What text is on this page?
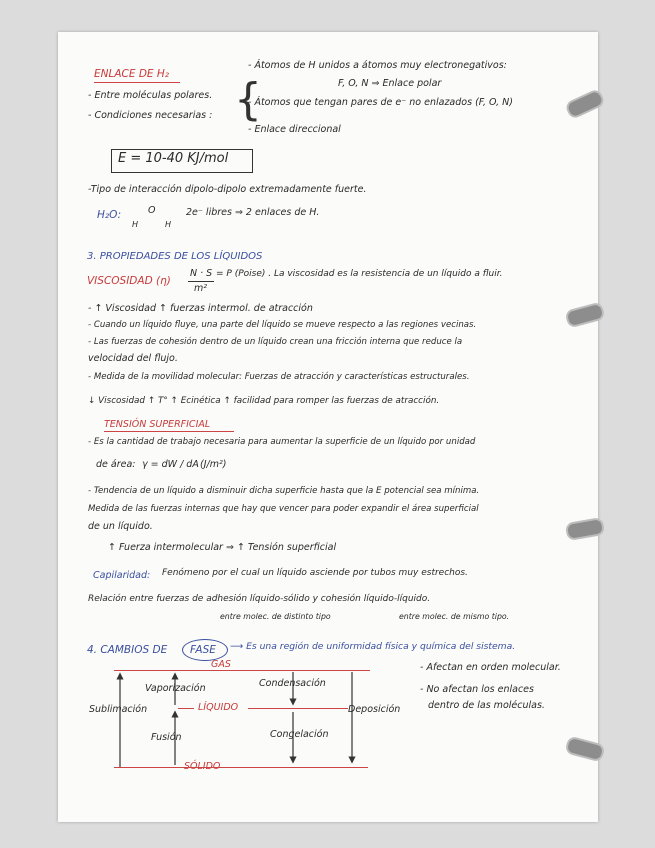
ENLACE DE H₂
- Entre moléculas polares.
- Condiciones necesarias : {
- Átomos de H unidos a átomos muy electronegativos:
F, O, N ⇒ Enlace polar
- Átomos que tengan pares de e⁻ no enlazados (F, O, N)
- Enlace direccional
E = 10-40 KJ/mol
-Tipo de interacción dipolo-dipolo extremadamente fuerte.
H₂O:	O
H	H
2e⁻ libres ⇒ 2 enlaces de H.
3. PROPIEDADES DE LOS LÍQUIDOS
VISCOSIDAD (η)
N · S
m²
= P (Poise) . La viscosidad es la resistencia de un líquido a fluir.
- ↑ Viscosidad ↑ fuerzas intermol. de atracción
- Cuando un líquido fluye, una parte del líquido se mueve respecto a las regiones vecinas.
- Las fuerzas de cohesión dentro de un líquido crean una fricción interna que reduce la
velocidad del flujo.
- Medida de la movilidad molecular: Fuerzas de atracción y características estructurales.
↓ Viscosidad ↑ T° ↑ Ecinética ↑ facilidad para romper las fuerzas de atracción.
TENSIÓN SUPERFICIAL
- Es la cantidad de trabajo necesaria para aumentar la superficie de un líquido por unidad
de área: γ = dW / dA (J/m²)
- Tendencia de un líquido a disminuir dicha superficie hasta que la E potencial sea mínima.
Medida de las fuerzas internas que hay que vencer para poder expandir el área superficial
de un líquido.
↑ Fuerza intermolecular ⇒ ↑ Tensión superficial
Capilaridad: Fenómeno por el cual un líquido asciende por tubos muy estrechos.
Relación entre fuerzas de adhesión líquido-sólido y cohesión líquido-líquido.
entre molec. de distinto tipo	entre molec. de mismo tipo.
4. CAMBIOS DE FASE ⟶ Es una región de uniformidad física y química del sistema.
GAS
LÍQUIDO
Vaporización	Condensación
Sublimación	Deposición
Fusión	Congelación
- Afectan en orden molecular.
- No afectan los enlaces
dentro de las moléculas.
